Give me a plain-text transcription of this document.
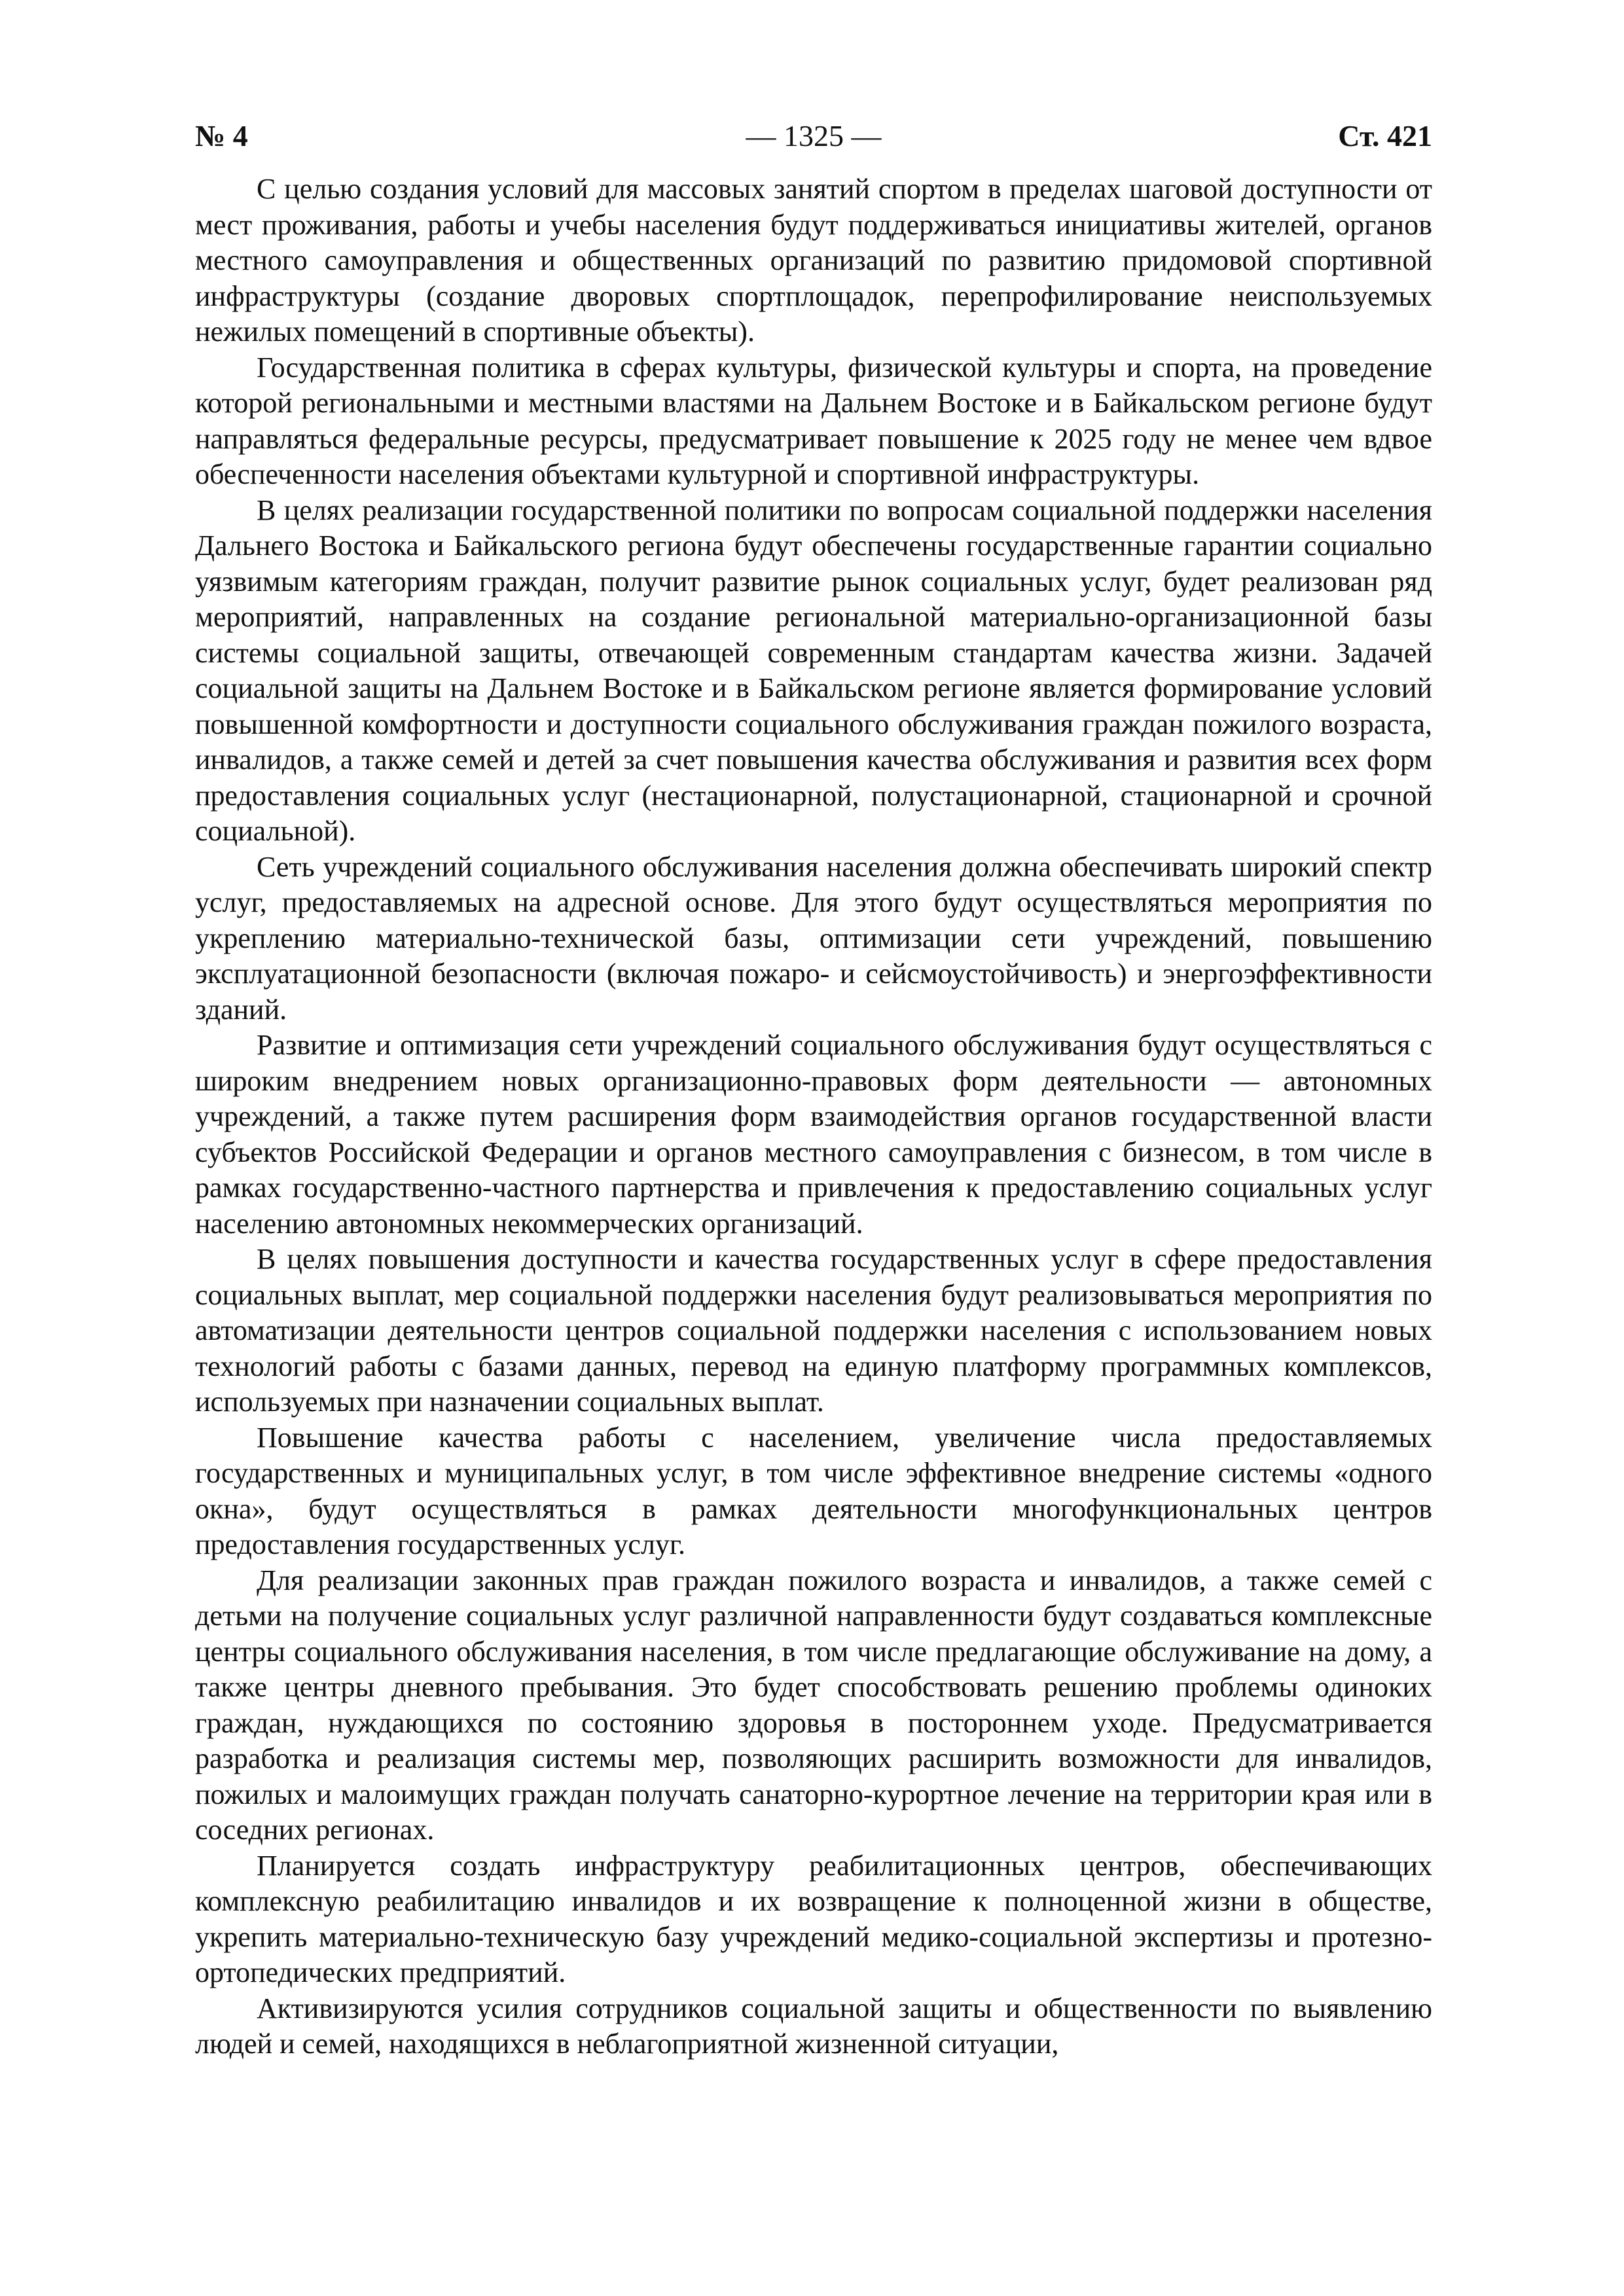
№ 4	— 1325 —	Ст. 421

С целью создания условий для массовых занятий спортом в пределах шаговой доступности от мест проживания, работы и учебы населения будут поддерживаться инициативы жителей, органов местного самоуправления и общественных организаций по развитию придомовой спортивной инфраструктуры (создание дворовых спортплощадок, перепрофилирование неиспользуемых нежилых помещений в спортивные объекты).

Государственная политика в сферах культуры, физической культуры и спорта, на проведение которой региональными и местными властями на Дальнем Востоке и в Байкальском регионе будут направляться федеральные ресурсы, предусматривает повышение к 2025 году не менее чем вдвое обеспеченности населения объектами культурной и спортивной инфраструктуры.

В целях реализации государственной политики по вопросам социальной поддержки населения Дальнего Востока и Байкальского региона будут обеспечены государственные гарантии социально уязвимым категориям граждан, получит развитие рынок социальных услуг, будет реализован ряд мероприятий, направленных на создание региональной материально-организационной базы системы социальной защиты, отвечающей современным стандартам качества жизни. Задачей социальной защиты на Дальнем Востоке и в Байкальском регионе является формирование условий повышенной комфортности и доступности социального обслуживания граждан пожилого возраста, инвалидов, а также семей и детей за счет повышения качества обслуживания и развития всех форм предоставления социальных услуг (нестационарной, полустационарной, стационарной и срочной социальной).

Сеть учреждений социального обслуживания населения должна обеспечивать широкий спектр услуг, предоставляемых на адресной основе. Для этого будут осуществляться мероприятия по укреплению материально-технической базы, оптимизации сети учреждений, повышению эксплуатационной безопасности (включая пожаро- и сейсмоустойчивость) и энергоэффективности зданий.

Развитие и оптимизация сети учреждений социального обслуживания будут осуществляться с широким внедрением новых организационно-правовых форм деятельности — автономных учреждений, а также путем расширения форм взаимодействия органов государственной власти субъектов Российской Федерации и органов местного самоуправления с бизнесом, в том числе в рамках государственно-частного партнерства и привлечения к предоставлению социальных услуг населению автономных некоммерческих организаций.

В целях повышения доступности и качества государственных услуг в сфере предоставления социальных выплат, мер социальной поддержки населения будут реализовываться мероприятия по автоматизации деятельности центров социальной поддержки населения с использованием новых технологий работы с базами данных, перевод на единую платформу программных комплексов, используемых при назначении социальных выплат.

Повышение качества работы с населением, увеличение числа предоставляемых государственных и муниципальных услуг, в том числе эффективное внедрение системы «одного окна», будут осуществляться в рамках деятельности многофункциональных центров предоставления государственных услуг.

Для реализации законных прав граждан пожилого возраста и инвалидов, а также семей с детьми на получение социальных услуг различной направленности будут создаваться комплексные центры социального обслуживания населения, в том числе предлагающие обслуживание на дому, а также центры дневного пребывания. Это будет способствовать решению проблемы одиноких граждан, нуждающихся по состоянию здоровья в постороннем уходе. Предусматривается разработка и реализация системы мер, позволяющих расширить возможности для инвалидов, пожилых и малоимущих граждан получать санаторно-курортное лечение на территории края или в соседних регионах.

Планируется создать инфраструктуру реабилитационных центров, обеспечивающих комплексную реабилитацию инвалидов и их возвращение к полноценной жизни в обществе, укрепить материально-техническую базу учреждений медико-социальной экспертизы и протезно-ортопедических предприятий.

Активизируются усилия сотрудников социальной защиты и общественности по выявлению людей и семей, находящихся в неблагоприятной жизненной ситуации,
